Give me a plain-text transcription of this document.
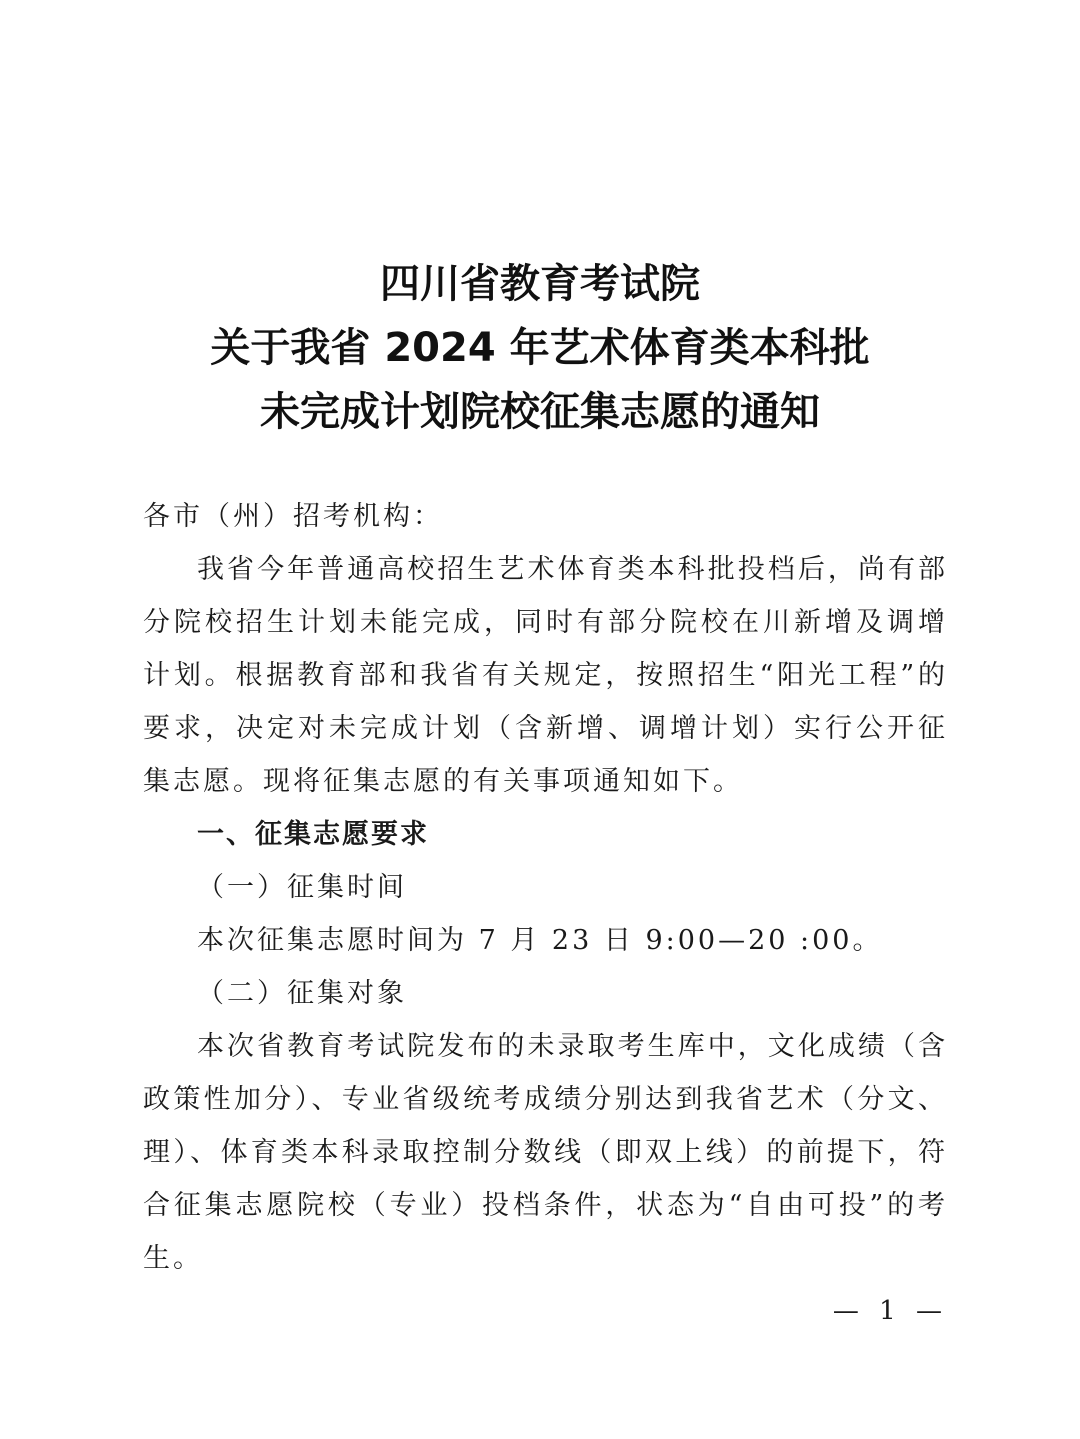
四川省教育考试院
关于我省 2024 年艺术体育类本科批
未完成计划院校征集志愿的通知

各市（州）招考机构：

我省今年普通高校招生艺术体育类本科批投档后，尚有部分院校招生计划未能完成，同时有部分院校在川新增及调增计划。根据教育部和我省有关规定，按照招生“阳光工程”的要求，决定对未完成计划（含新增、调增计划）实行公开征集志愿。现将征集志愿的有关事项通知如下。

一、征集志愿要求

（一）征集时间

本次征集志愿时间为 7 月 23 日 9:00—20 :00。

（二）征集对象

本次省教育考试院发布的未录取考生库中，文化成绩（含政策性加分）、专业省级统考成绩分别达到我省艺术（分文、理）、体育类本科录取控制分数线（即双上线）的前提下，符合征集志愿院校（专业）投档条件，状态为“自由可投”的考生。

— 1 —
